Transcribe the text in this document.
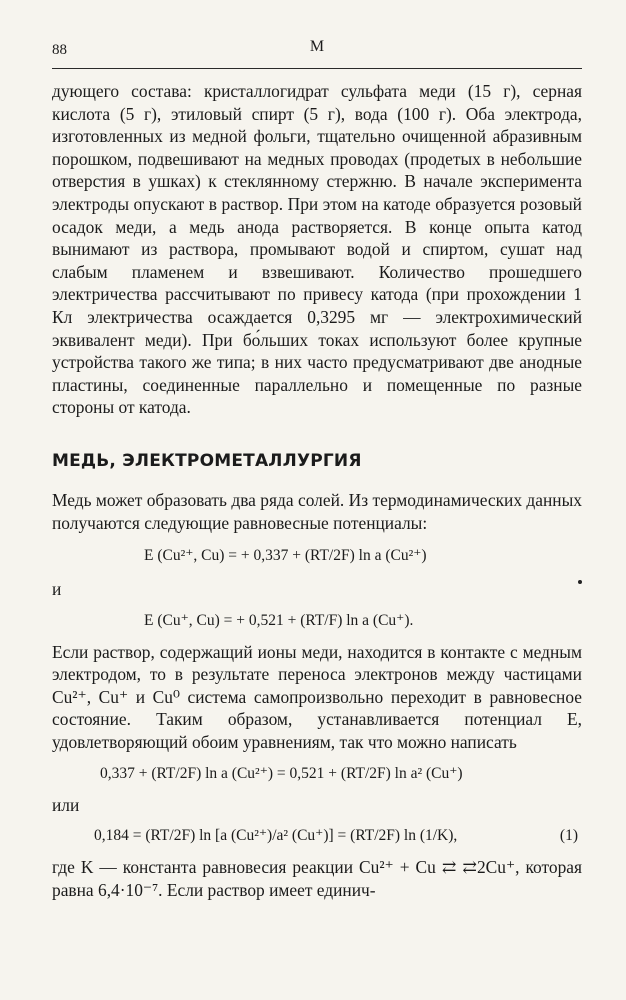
88	М

дующего состава: кристаллогидрат сульфата меди (15 г), серная кислота (5 г), этиловый спирт (5 г), вода (100 г). Оба электрода, изготовленных из медной фольги, тщательно очищенной абразивным порошком, подвешивают на медных проводах (продетых в небольшие отверстия в ушках) к стеклянному стержню. В начале эксперимента электроды опускают в раствор. При этом на катоде образуется розовый осадок меди, а медь анода растворяется. В конце опыта катод вынимают из раствора, промывают водой и спиртом, сушат над слабым пламенем и взвешивают. Количество прошедшего электричества рассчитывают по привесу катода (при прохождении 1 Кл электричества осаждается 0,3295 мг — электрохимический эквивалент меди). При бо́льших токах используют более крупные устройства такого же типа; в них часто предусматривают две анодные пластины, соединенные параллельно и помещенные по разные стороны от катода.

МЕДЬ, ЭЛЕКТРОМЕТАЛЛУРГИЯ

Медь может образовать два ряда солей. Из термодинамических данных получаются следующие равновесные потенциалы:

E (Cu²⁺, Cu) = + 0,337 + (RT/2F) ln a (Cu²⁺)

и

E (Cu⁺, Cu) = + 0,521 + (RT/F) ln a (Cu⁺).

Если раствор, содержащий ионы меди, находится в контакте с медным электродом, то в результате переноса электронов между частицами Cu²⁺, Cu⁺ и Cu⁰ система самопроизвольно переходит в равновесное состояние. Таким образом, устанавливается потенциал E, удовлетворяющий обоим уравнениям, так что можно написать

0,337 + (RT/2F) ln a (Cu²⁺) = 0,521 + (RT/2F) ln a² (Cu⁺)

или

0,184 = (RT/2F) ln [a (Cu²⁺)/a² (Cu⁺)] = (RT/2F) ln (1/K),	(1)

где K — константа равновесия реакции Cu²⁺ + Cu ⇄ ⇄2Cu⁺, которая равна 6,4·10⁻⁷. Если раствор имеет единич-
